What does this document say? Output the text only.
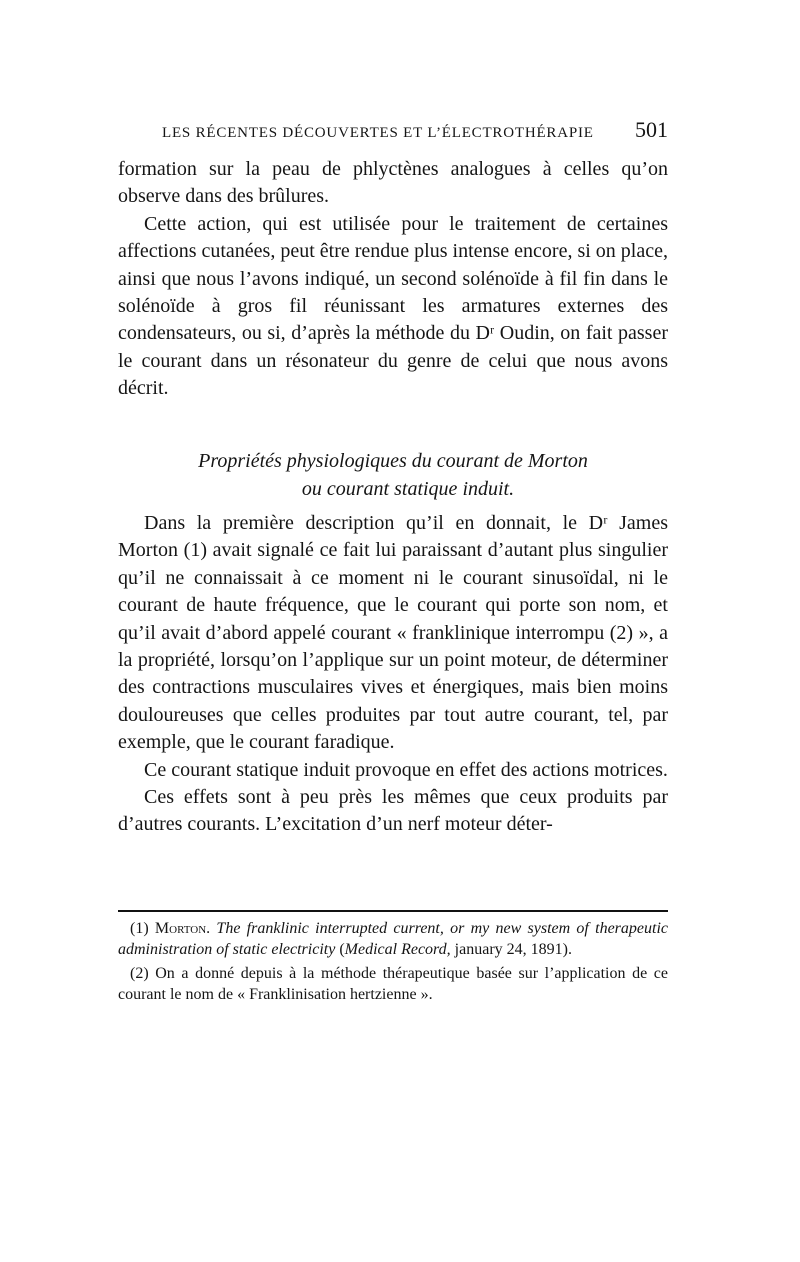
LES RÉCENTES DÉCOUVERTES ET L’ÉLECTROTHÉRAPIE 501

formation sur la peau de phlyctènes analogues à celles qu’on observe dans des brûlures.

Cette action, qui est utilisée pour le traitement de certaines affections cutanées, peut être rendue plus intense encore, si on place, ainsi que nous l’avons indiqué, un second solénoïde à fil fin dans le solénoïde à gros fil réunissant les armatures externes des condensateurs, ou si, d’après la méthode du Dʳ Oudin, on fait passer le courant dans un résonateur du genre de celui que nous avons décrit.

Propriétés physiologiques du courant de Morton
ou courant statique induit.

Dans la première description qu’il en donnait, le Dʳ James Morton (1) avait signalé ce fait lui paraissant d’autant plus singulier qu’il ne connaissait à ce moment ni le courant sinusoïdal, ni le courant de haute fréquence, que le courant qui porte son nom, et qu’il avait d’abord appelé courant « franklinique interrompu (2) », a la propriété, lorsqu’on l’applique sur un point moteur, de déterminer des contractions musculaires vives et énergiques, mais bien moins douloureuses que celles produites par tout autre courant, tel, par exemple, que le courant faradique.

Ce courant statique induit provoque en effet des actions motrices.

Ces effets sont à peu près les mêmes que ceux produits par d’autres courants. L’excitation d’un nerf moteur déter-

(1) Morton. The franklinic interrupted current, or my new system of therapeutic administration of static electricity (Medical Record, january 24, 1891).

(2) On a donné depuis à la méthode thérapeutique basée sur l’application de ce courant le nom de « Franklinisation hertzienne ».
